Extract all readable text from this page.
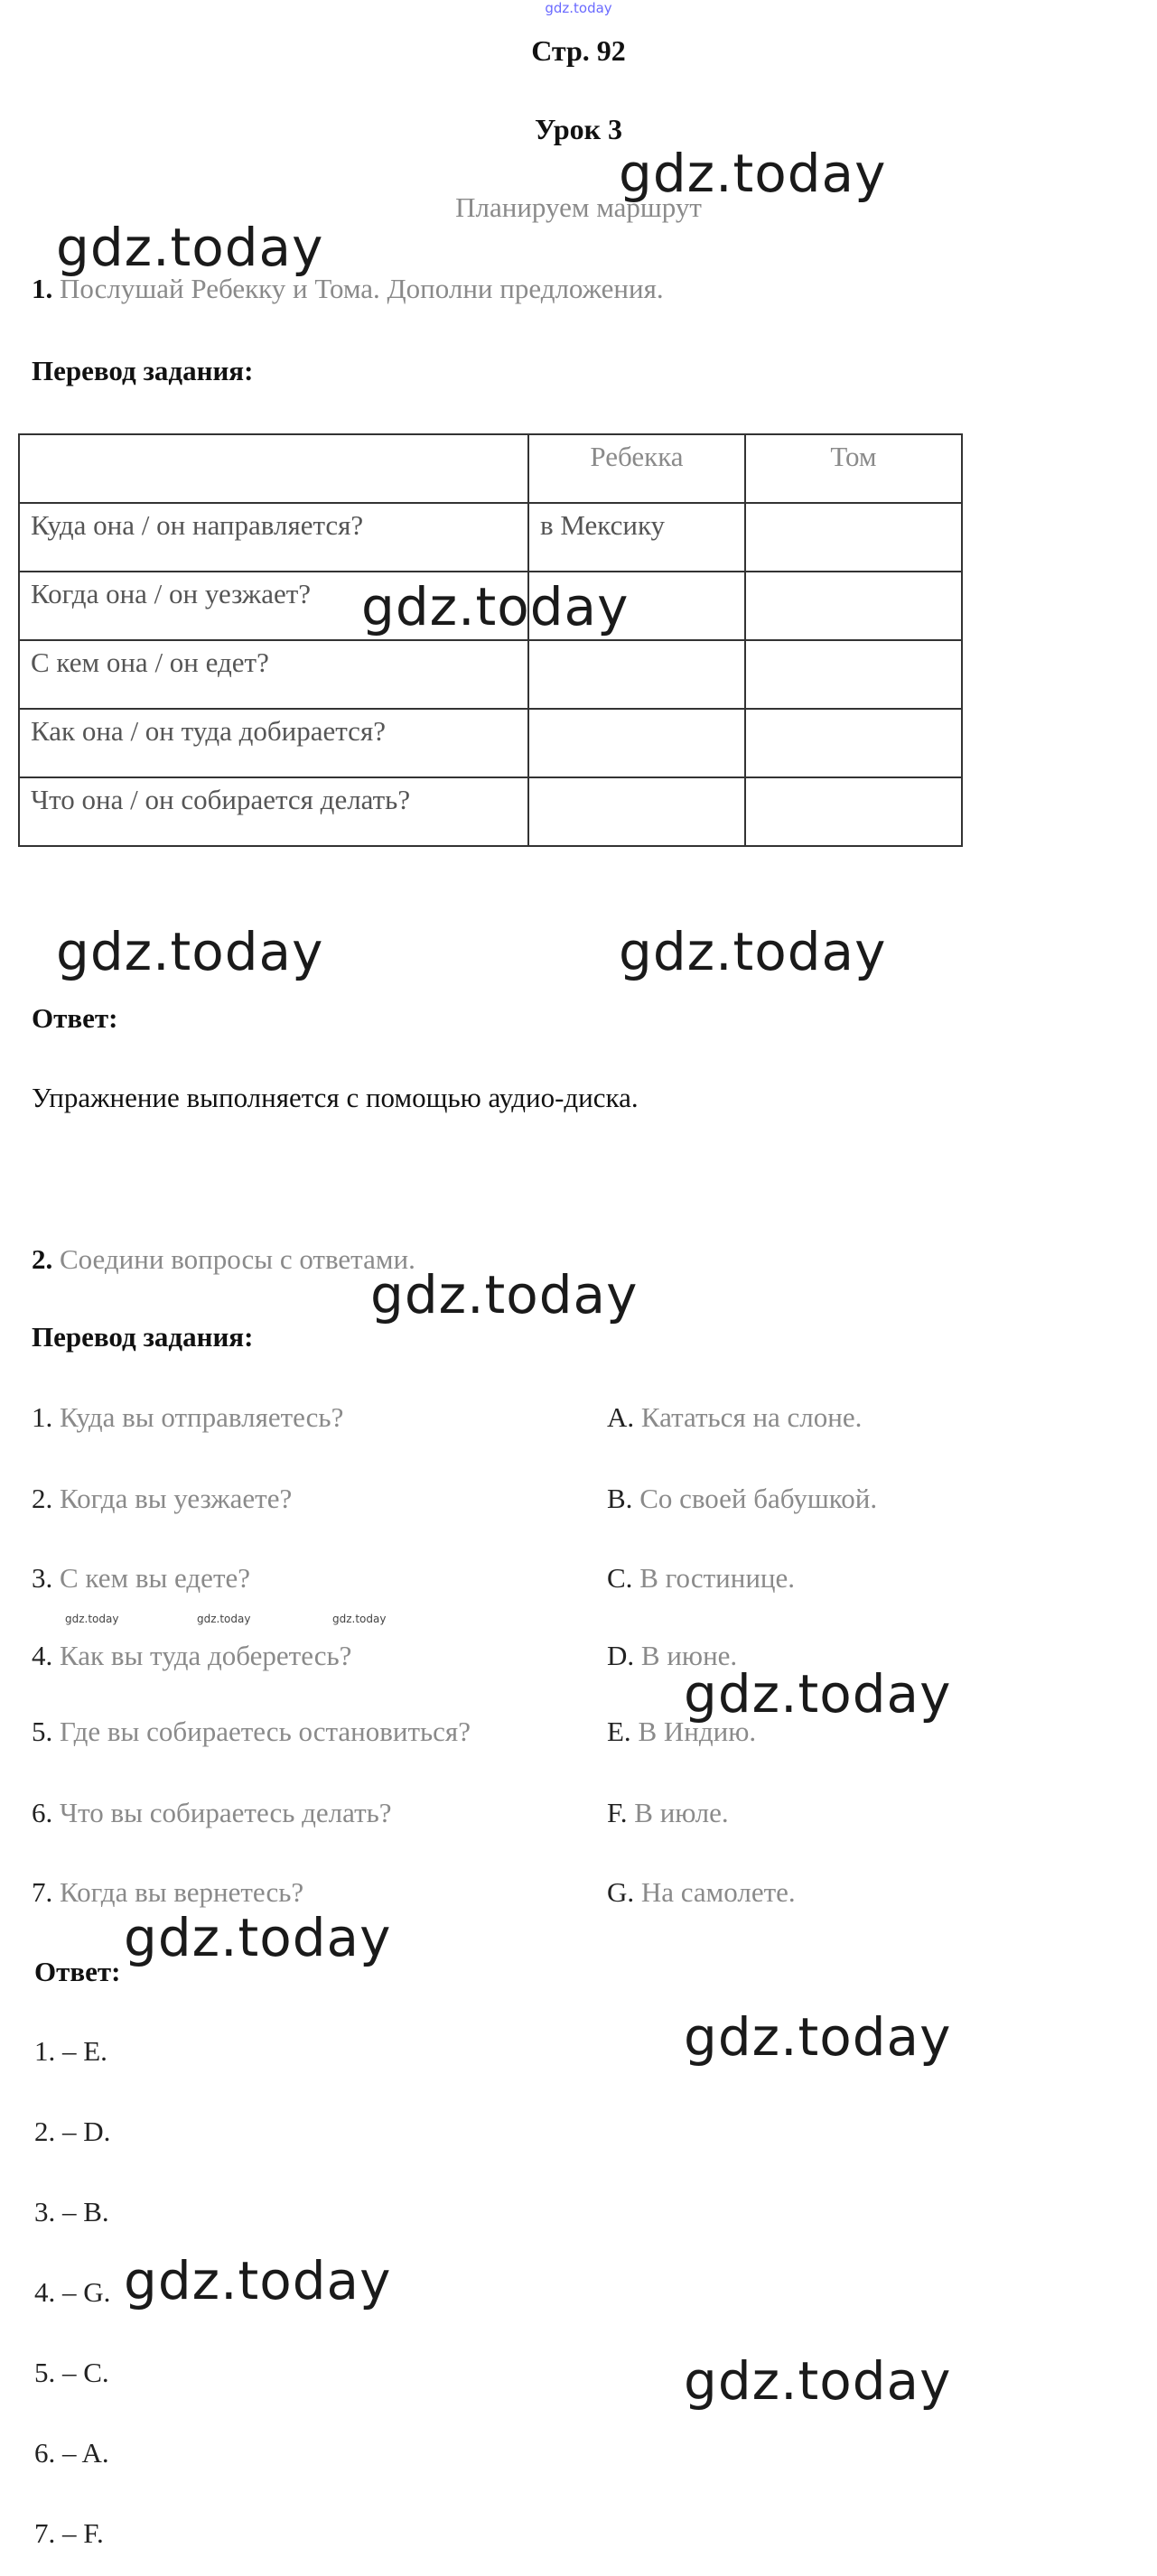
gdz.today
Стр. 92
Урок 3
Планируем маршрут
1. Послушай Ребекку и Тома. Дополни предложения.
Перевод задания:
	Ребекка	Том
Куда она / он направляется?	в Мексику	
Когда она / он уезжает?		
С кем она / он едет?		
Как она / он туда добирается?		
Что она / он собирается делать?		
Ответ:
Упражнение выполняется с помощью аудио-диска.
2. Соедини вопросы с ответами.
Перевод задания:
1. Куда вы отправляетесь?
2. Когда вы уезжаете?
3. С кем вы едете?
4. Как вы туда доберетесь?
5. Где вы собираетесь остановиться?
6. Что вы собираетесь делать?
7. Когда вы вернетесь?
A. Кататься на слоне.
B. Со своей бабушкой.
C. В гостинице.
D. В июне.
E. В Индию.
F. В июле.
G. На самолете.
Ответ:
1. – E.
2. – D.
3. – B.
4. – G.
5. – C.
6. – A.
7. – F.
gdz.today
gdz.today
gdz.today
gdz.today	gdz.today
gdz.today
gdz.today	gdz.today	gdz.today
gdz.today
gdz.today
gdz.today
gdz.today
gdz.today
